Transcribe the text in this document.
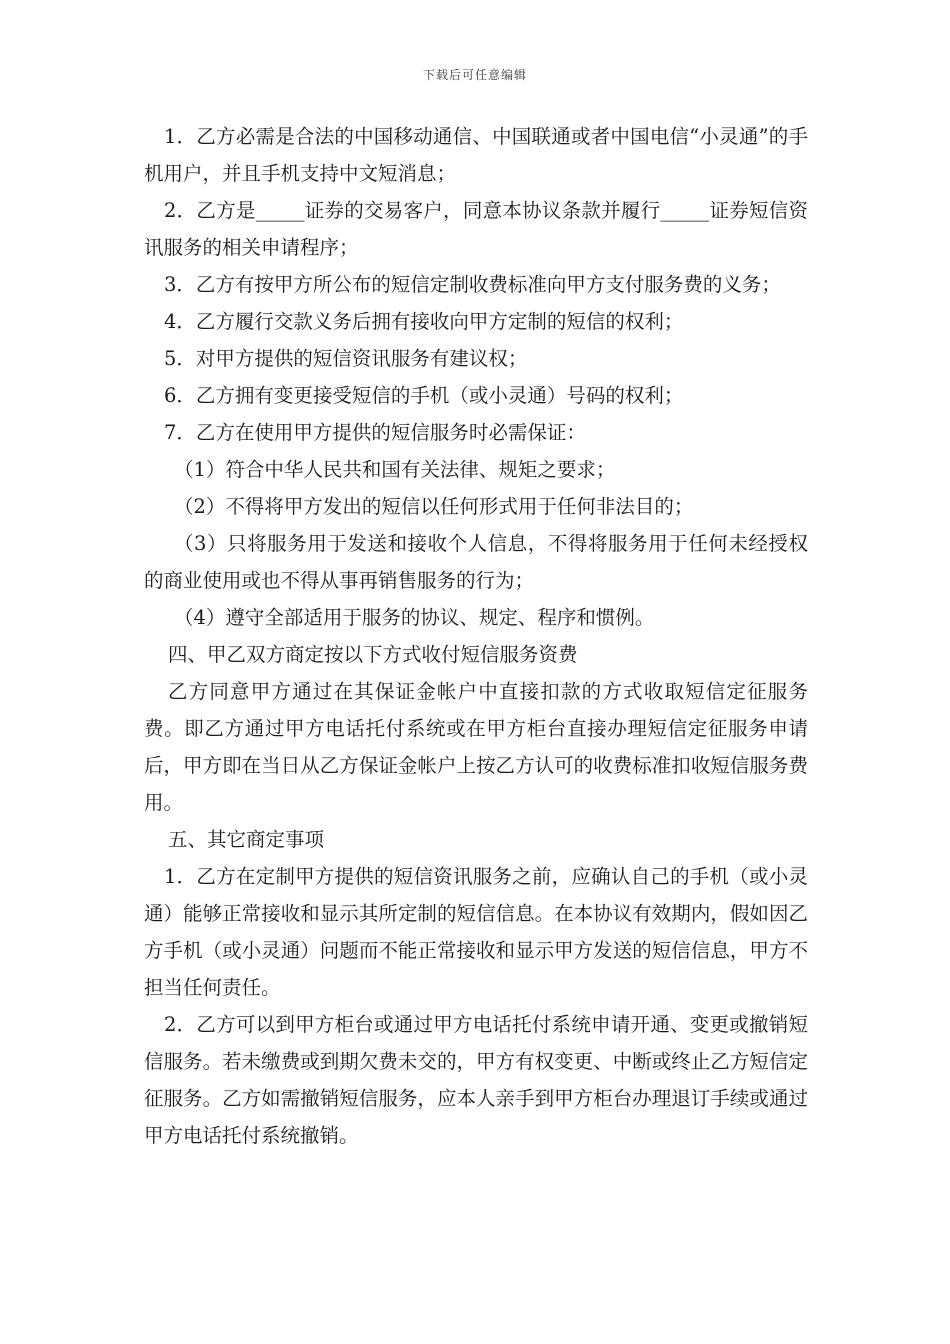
下载后可任意编辑

1．乙方必需是合法的中国移动通信、中国联通或者中国电信“小灵通”的手机用户，并且手机支持中文短消息；

2．乙方是_____证券的交易客户，同意本协议条款并履行_____证券短信资讯服务的相关申请程序；

3．乙方有按甲方所公布的短信定制收费标准向甲方支付服务费的义务；

4．乙方履行交款义务后拥有接收向甲方定制的短信的权利；

5．对甲方提供的短信资讯服务有建议权；

6．乙方拥有变更接受短信的手机（或小灵通）号码的权利；

7．乙方在使用甲方提供的短信服务时必需保证：

（1）符合中华人民共和国有关法律、规矩之要求；

（2）不得将甲方发出的短信以任何形式用于任何非法目的；

（3）只将服务用于发送和接收个人信息，不得将服务用于任何未经授权的商业使用或也不得从事再销售服务的行为；

（4）遵守全部适用于服务的协议、规定、程序和惯例。

四、甲乙双方商定按以下方式收付短信服务资费

乙方同意甲方通过在其保证金帐户中直接扣款的方式收取短信定征服务费。即乙方通过甲方电话托付系统或在甲方柜台直接办理短信定征服务申请后，甲方即在当日从乙方保证金帐户上按乙方认可的收费标准扣收短信服务费用。

五、其它商定事项

1．乙方在定制甲方提供的短信资讯服务之前，应确认自己的手机（或小灵通）能够正常接收和显示其所定制的短信信息。在本协议有效期内，假如因乙方手机（或小灵通）问题而不能正常接收和显示甲方发送的短信信息，甲方不担当任何责任。

2．乙方可以到甲方柜台或通过甲方电话托付系统申请开通、变更或撤销短信服务。若未缴费或到期欠费未交的，甲方有权变更、中断或终止乙方短信定征服务。乙方如需撤销短信服务，应本人亲手到甲方柜台办理退订手续或通过甲方电话托付系统撤销。
